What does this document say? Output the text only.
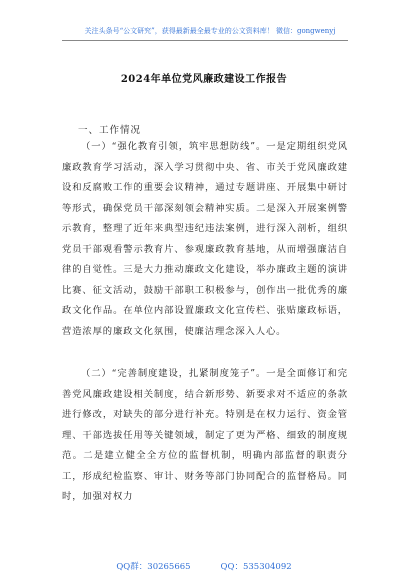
关注头条号“公文研究”，获得最新最全最专业的公文资料库！ 微信：gongwenyj
2024年单位党风廉政建设工作报告
一、工作情况
（一）“强化教育引领，筑牢思想防线”。一是定期组织党风廉政教育学习活动，深入学习贯彻中央、省、市关于党风廉政建设和反腐败工作的重要会议精神，通过专题讲座、开展集中研讨等形式，确保党员干部深刻领会精神实质。二是深入开展案例警示教育，整理了近年来典型违纪违法案例，进行深入剖析，组织党员干部观看警示教育片、参观廉政教育基地，从而增强廉洁自律的自觉性。三是大力推动廉政文化建设，举办廉政主题的演讲比赛、征文活动，鼓励干部职工积极参与，创作出一批优秀的廉政文化作品。在单位内部设置廉政文化宣传栏、张贴廉政标语，营造浓厚的廉政文化氛围，使廉洁理念深入人心。
（二）“完善制度建设，扎紧制度笼子”。一是全面修订和完善党风廉政建设相关制度，结合新形势、新要求对不适应的条款进行修改，对缺失的部分进行补充。特别是在权力运行、资金管理、干部选拔任用等关键领域，制定了更为严格、细致的制度规范。二是建立健全全方位的监督机制，明确内部监督的职责分工，形成纪检监察、审计、财务等部门协同配合的监督格局。同时，加强对权力
QQ群：30265665	QQ：535304092
